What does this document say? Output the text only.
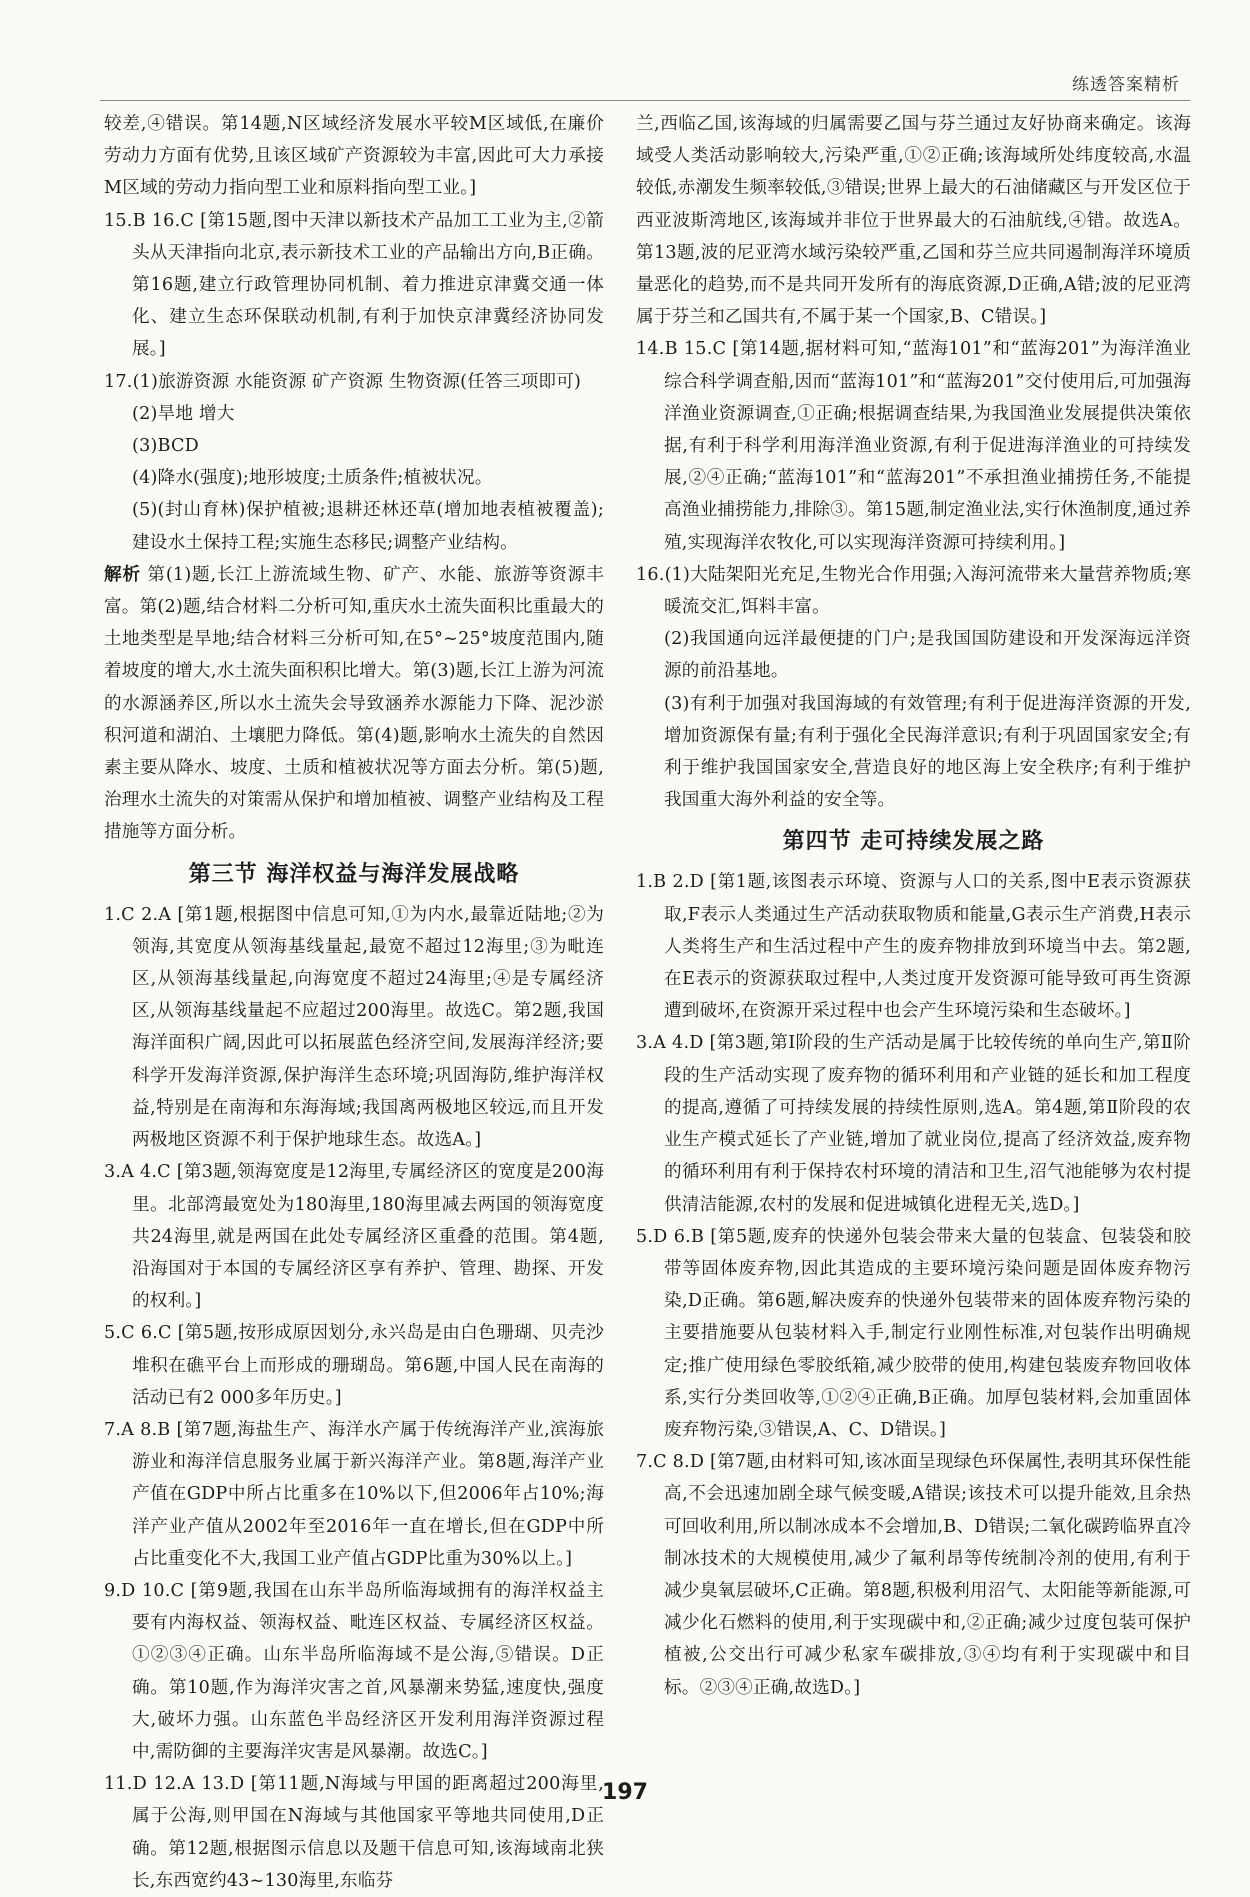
练透答案精析

较差,④错误。第14题,N区域经济发展水平较M区域低,在廉价劳动力方面有优势,且该区域矿产资源较为丰富,因此可大力承接M区域的劳动力指向型工业和原料指向型工业。]

15.B 16.C [第15题,图中天津以新技术产品加工工业为主,②箭头从天津指向北京,表示新技术工业的产品输出方向,B正确。第16题,建立行政管理协同机制、着力推进京津冀交通一体化、建立生态环保联动机制,有利于加快京津冀经济协同发展。]

17.(1)旅游资源 水能资源 矿产资源 生物资源(任答三项即可)

(2)旱地 增大

(3)BCD

(4)降水(强度);地形坡度;土质条件;植被状况。

(5)(封山育林)保护植被;退耕还林还草(增加地表植被覆盖);建设水土保持工程;实施生态移民;调整产业结构。

解析 第(1)题,长江上游流域生物、矿产、水能、旅游等资源丰富。第(2)题,结合材料二分析可知,重庆水土流失面积比重最大的土地类型是旱地;结合材料三分析可知,在5°~25°坡度范围内,随着坡度的增大,水土流失面积积比增大。第(3)题,长江上游为河流的水源涵养区,所以水土流失会导致涵养水源能力下降、泥沙淤积河道和湖泊、土壤肥力降低。第(4)题,影响水土流失的自然因素主要从降水、坡度、土质和植被状况等方面去分析。第(5)题,治理水土流失的对策需从保护和增加植被、调整产业结构及工程措施等方面分析。

第三节 海洋权益与海洋发展战略

1.C 2.A [第1题,根据图中信息可知,①为内水,最靠近陆地;②为领海,其宽度从领海基线量起,最宽不超过12海里;③为毗连区,从领海基线量起,向海宽度不超过24海里;④是专属经济区,从领海基线量起不应超过200海里。故选C。第2题,我国海洋面积广阔,因此可以拓展蓝色经济空间,发展海洋经济;要科学开发海洋资源,保护海洋生态环境;巩固海防,维护海洋权益,特别是在南海和东海海域;我国离两极地区较远,而且开发两极地区资源不利于保护地球生态。故选A。]

3.A 4.C [第3题,领海宽度是12海里,专属经济区的宽度是200海里。北部湾最宽处为180海里,180海里减去两国的领海宽度共24海里,就是两国在此处专属经济区重叠的范围。第4题,沿海国对于本国的专属经济区享有养护、管理、勘探、开发的权利。]

5.C 6.C [第5题,按形成原因划分,永兴岛是由白色珊瑚、贝壳沙堆积在礁平台上而形成的珊瑚岛。第6题,中国人民在南海的活动已有2 000多年历史。]

7.A 8.B [第7题,海盐生产、海洋水产属于传统海洋产业,滨海旅游业和海洋信息服务业属于新兴海洋产业。第8题,海洋产业产值在GDP中所占比重多在10%以下,但2006年占10%;海洋产业产值从2002年至2016年一直在增长,但在GDP中所占比重变化不大,我国工业产值占GDP比重为30%以上。]

9.D 10.C [第9题,我国在山东半岛所临海域拥有的海洋权益主要有内海权益、领海权益、毗连区权益、专属经济区权益。①②③④正确。山东半岛所临海域不是公海,⑤错误。D正确。第10题,作为海洋灾害之首,风暴潮来势猛,速度快,强度大,破坏力强。山东蓝色半岛经济区开发利用海洋资源过程中,需防御的主要海洋灾害是风暴潮。故选C。]

11.D 12.A 13.D [第11题,N海域与甲国的距离超过200海里,属于公海,则甲国在N海域与其他国家平等地共同使用,D正确。第12题,根据图示信息以及题干信息可知,该海域南北狭长,东西宽约43~130海里,东临芬

兰,西临乙国,该海域的归属需要乙国与芬兰通过友好协商来确定。该海域受人类活动影响较大,污染严重,①②正确;该海域所处纬度较高,水温较低,赤潮发生频率较低,③错误;世界上最大的石油储藏区与开发区位于西亚波斯湾地区,该海域并非位于世界最大的石油航线,④错。故选A。第13题,波的尼亚湾水域污染较严重,乙国和芬兰应共同遏制海洋环境质量恶化的趋势,而不是共同开发所有的海底资源,D正确,A错;波的尼亚湾属于芬兰和乙国共有,不属于某一个国家,B、C错误。]

14.B 15.C [第14题,据材料可知,“蓝海101”和“蓝海201”为海洋渔业综合科学调查船,因而“蓝海101”和“蓝海201”交付使用后,可加强海洋渔业资源调查,①正确;根据调查结果,为我国渔业发展提供决策依据,有利于科学利用海洋渔业资源,有利于促进海洋渔业的可持续发展,②④正确;“蓝海101”和“蓝海201”不承担渔业捕捞任务,不能提高渔业捕捞能力,排除③。第15题,制定渔业法,实行休渔制度,通过养殖,实现海洋农牧化,可以实现海洋资源可持续利用。]

16.(1)大陆架阳光充足,生物光合作用强;入海河流带来大量营养物质;寒暖流交汇,饵料丰富。

(2)我国通向远洋最便捷的门户;是我国国防建设和开发深海远洋资源的前沿基地。

(3)有利于加强对我国海域的有效管理;有利于促进海洋资源的开发,增加资源保有量;有利于强化全民海洋意识;有利于巩固国家安全;有利于维护我国国家安全,营造良好的地区海上安全秩序;有利于维护我国重大海外利益的安全等。

第四节 走可持续发展之路

1.B 2.D [第1题,该图表示环境、资源与人口的关系,图中E表示资源获取,F表示人类通过生产活动获取物质和能量,G表示生产消费,H表示人类将生产和生活过程中产生的废弃物排放到环境当中去。第2题,在E表示的资源获取过程中,人类过度开发资源可能导致可再生资源遭到破坏,在资源开采过程中也会产生环境污染和生态破坏。]

3.A 4.D [第3题,第Ⅰ阶段的生产活动是属于比较传统的单向生产,第Ⅱ阶段的生产活动实现了废弃物的循环利用和产业链的延长和加工程度的提高,遵循了可持续发展的持续性原则,选A。第4题,第Ⅱ阶段的农业生产模式延长了产业链,增加了就业岗位,提高了经济效益,废弃物的循环利用有利于保持农村环境的清洁和卫生,沼气池能够为农村提供清洁能源,农村的发展和促进城镇化进程无关,选D。]

5.D 6.B [第5题,废弃的快递外包装会带来大量的包装盒、包装袋和胶带等固体废弃物,因此其造成的主要环境污染问题是固体废弃物污染,D正确。第6题,解决废弃的快递外包装带来的固体废弃物污染的主要措施要从包装材料入手,制定行业刚性标准,对包装作出明确规定;推广使用绿色零胶纸箱,减少胶带的使用,构建包装废弃物回收体系,实行分类回收等,①②④正确,B正确。加厚包装材料,会加重固体废弃物污染,③错误,A、C、D错误。]

7.C 8.D [第7题,由材料可知,该冰面呈现绿色环保属性,表明其环保性能高,不会迅速加剧全球气候变暖,A错误;该技术可以提升能效,且余热可回收利用,所以制冰成本不会增加,B、D错误;二氧化碳跨临界直冷制冰技术的大规模使用,减少了氟利昂等传统制冷剂的使用,有利于减少臭氧层破坏,C正确。第8题,积极利用沼气、太阳能等新能源,可减少化石燃料的使用,利于实现碳中和,②正确;减少过度包装可保护植被,公交出行可减少私家车碳排放,③④均有利于实现碳中和目标。②③④正确,故选D。]

197
